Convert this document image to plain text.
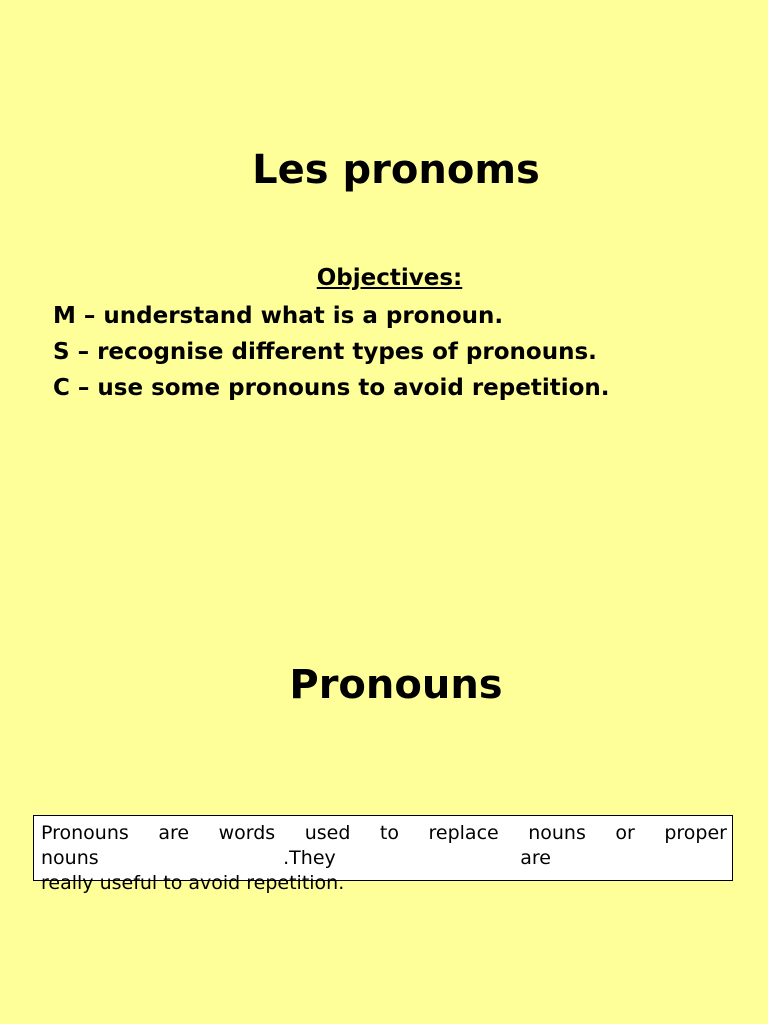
Les pronoms
Objectives:
M – understand what is a pronoun.
S – recognise different types of pronouns.
C – use some pronouns to avoid repetition.
Pronouns
Pronouns are words used to replace nouns or proper
nouns	.They	are
really useful to avoid repetition.
